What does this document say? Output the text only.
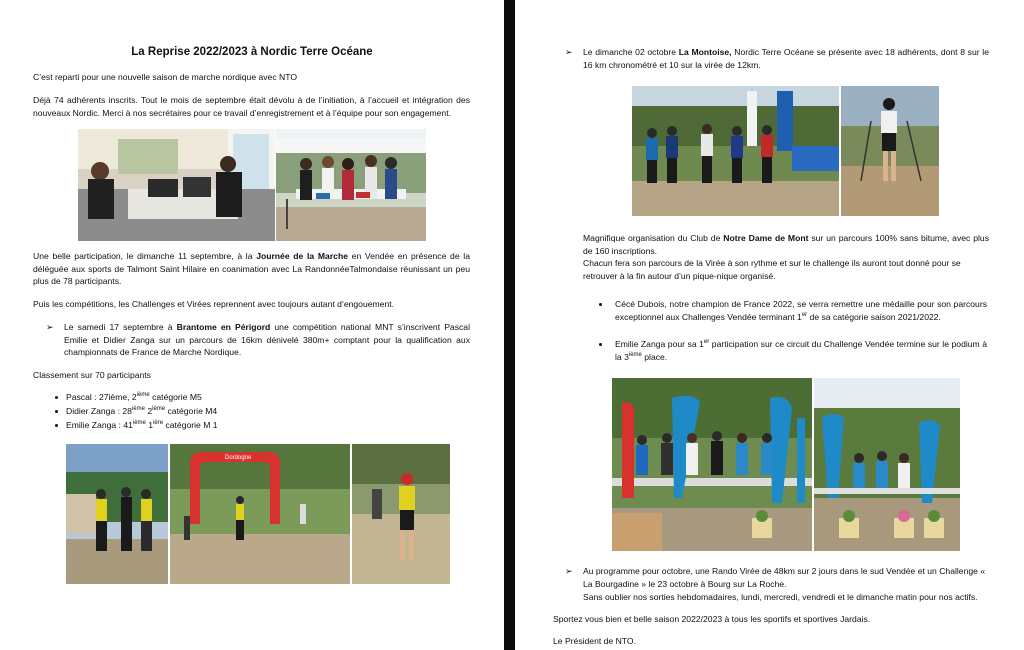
La Reprise 2022/2023 à Nordic Terre Océane

C’est reparti pour une nouvelle saison de marche nordique avec NTO

Déjà 74 adhérents inscrits. Tout le mois de septembre était dévolu à de l’initiation, à l’accueil et intégration des nouveaux Nordic. Merci à nos secrétaires pour ce travail d’enregistrement et à l’équipe pour son engagement.

Une belle participation, le dimanche 11 septembre, à la Journée de la Marche en Vendée en présence de la déléguée aux sports de Talmont Saint Hilaire en coanimation avec La RandonnéeTalmondaise réunissant un peu plus de 78 participants.

Puis les compétitions, les Challenges et Virées reprennent avec toujours autant d’engouement.

➢ Le samedi 17 septembre à Brantome en Périgord une compétition national MNT s’inscrivent Pascal Emilie et Didier Zanga sur un parcours de 16km dénivelé 380m+ comptant pour la qualification aux championnats de France de Marche Nordique.

Classement sur 70 participants

Pascal : 27ième, 2ième catégorie M5

Didier Zanga : 28ième 2ième catégorie M4

Emilie Zanga : 41ième $1^{ière}$ catégorie M 1

Dordogne

➢ Le dimanche 02 octobre La Montoise, Nordic Terre Océane se présente avec 18 adhérents, dont 8 sur le 16 km chronométré et 10 sur la virée de 12km.

Magnifique organisation du Club de Notre Dame de Mont sur un parcours 100% sans bitume, avec plus de 160 inscriptions.

Chacun fera son parcours de la Virée à son rythme et sur le challenge ils auront tout donné pour se retrouver à la fin autour d’un pique-nique organisé.

Cécé Dubois, notre champion de France 2022, se verra remettre une médaille pour son parcours exceptionnel aux Challenges Vendée terminant 1er de sa catégorie saison 2021/2022.

Emilie Zanga pour sa 1er participation sur ce circuit du Challenge Vendée termine sur le podium à la 3ième place.

➢ Au programme pour octobre, une Rando Virée de 48km sur 2 jours dans le sud Vendée et un Challenge « La Bourgadine » le 23 octobre à Bourg sur La Roche.

Sans oublier nos sorties hebdomadaires, lundi, mercredi, vendredi et le dimanche matin pour nos actifs.

Sportez vous bien et belle saison 2022/2023 à tous les sportifs et sportives Jardais.

Le Président de NTO.
